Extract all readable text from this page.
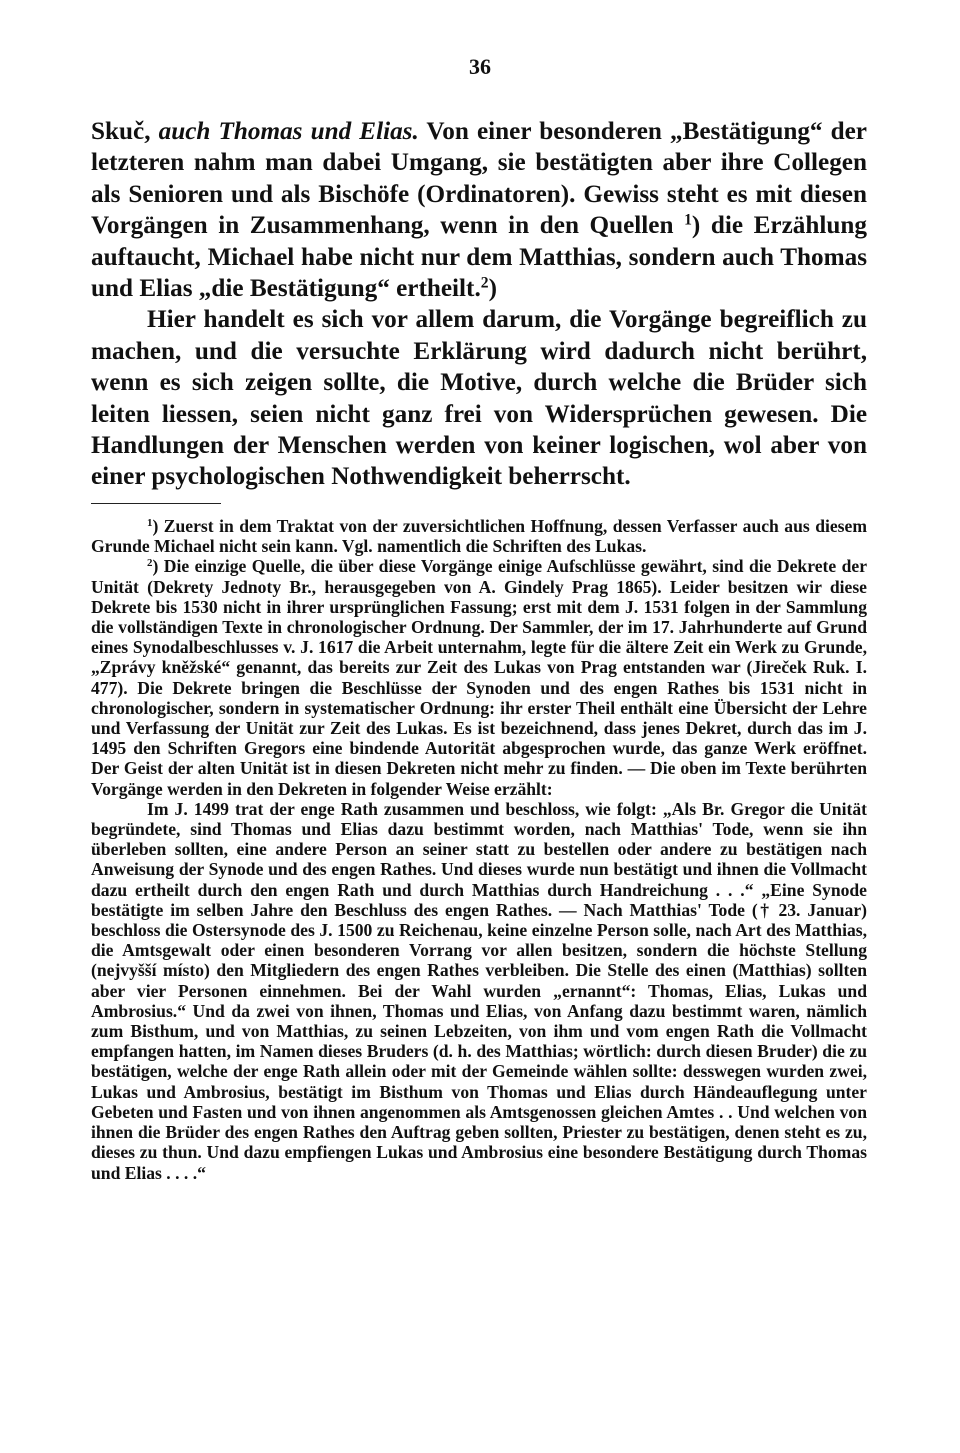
36

Skuč, auch Thomas und Elias. Von einer besonderen „Bestätigung“ der letzteren nahm man dabei Umgang, sie bestätigten aber ihre Collegen als Senioren und als Bischöfe (Ordinatoren). Gewiss steht es mit diesen Vorgängen in Zusammenhang, wenn in den Quellen $^1$) die Erzählung auftaucht, Michael habe nicht nur dem Matthias, sondern auch Thomas und Elias „die Bestätigung“ ertheilt.$^2$)

Hier handelt es sich vor allem darum, die Vorgänge begreiflich zu machen, und die versuchte Erklärung wird dadurch nicht berührt, wenn es sich zeigen sollte, die Motive, durch welche die Brüder sich leiten liessen, seien nicht ganz frei von Widersprüchen gewesen. Die Handlungen der Menschen werden von keiner logischen, wol aber von einer psychologischen Nothwendigkeit beherrscht.

$^1$) Zuerst in dem Traktat von der zuversichtlichen Hoffnung, dessen Verfasser auch aus diesem Grunde Michael nicht sein kann. Vgl. namentlich die Schriften des Lukas.

$^2$) Die einzige Quelle, die über diese Vorgänge einige Aufschlüsse gewährt, sind die Dekrete der Unität (Dekrety Jednoty Br., herausgegeben von A. Gindely Prag 1865). Leider besitzen wir diese Dekrete bis 1530 nicht in ihrer ursprünglichen Fassung; erst mit dem J. 1531 folgen in der Sammlung die vollständigen Texte in chronologischer Ordnung. Der Sammler, der im 17. Jahrhunderte auf Grund eines Synodalbeschlusses v. J. 1617 die Arbeit unternahm, legte für die ältere Zeit ein Werk zu Grunde, „Zprávy kněžské“ genannt, das bereits zur Zeit des Lukas von Prag entstanden war (Jireček Ruk. I. 477). Die Dekrete bringen die Beschlüsse der Synoden und des engen Rathes bis 1531 nicht in chronologischer, sondern in systematischer Ordnung: ihr erster Theil enthält eine Übersicht der Lehre und Verfassung der Unität zur Zeit des Lukas. Es ist bezeichnend, dass jenes Dekret, durch das im J. 1495 den Schriften Gregors eine bindende Autorität abgesprochen wurde, das ganze Werk eröffnet. Der Geist der alten Unität ist in diesen Dekreten nicht mehr zu finden. — Die oben im Texte berührten Vorgänge werden in den Dekreten in folgender Weise erzählt:

Im J. 1499 trat der enge Rath zusammen und beschloss, wie folgt: „Als Br. Gregor die Unität begründete, sind Thomas und Elias dazu bestimmt worden, nach Matthias' Tode, wenn sie ihn überleben sollten, eine andere Person an seiner statt zu bestellen oder andere zu bestätigen nach Anweisung der Synode und des engen Rathes. Und dieses wurde nun bestätigt und ihnen die Vollmacht dazu ertheilt durch den engen Rath und durch Matthias durch Handreichung . . .“ „Eine Synode bestätigte im selben Jahre den Beschluss des engen Rathes. — Nach Matthias' Tode († 23. Januar) beschloss die Ostersynode des J. 1500 zu Reichenau, keine einzelne Person solle, nach Art des Matthias, die Amtsgewalt oder einen besonderen Vorrang vor allen besitzen, sondern die höchste Stellung (nejvyšší místo) den Mitgliedern des engen Rathes verbleiben. Die Stelle des einen (Matthias) sollten aber vier Personen einnehmen. Bei der Wahl wurden „ernannt“: Thomas, Elias, Lukas und Ambrosius.“ Und da zwei von ihnen, Thomas und Elias, von Anfang dazu bestimmt waren, nämlich zum Bisthum, und von Matthias, zu seinen Lebzeiten, von ihm und vom engen Rath die Vollmacht empfangen hatten, im Namen dieses Bruders (d. h. des Matthias; wörtlich: durch diesen Bruder) die zu bestätigen, welche der enge Rath allein oder mit der Gemeinde wählen sollte: desswegen wurden zwei, Lukas und Ambrosius, bestätigt im Bisthum von Thomas und Elias durch Händeauflegung unter Gebeten und Fasten und von ihnen angenommen als Amtsgenossen gleichen Amtes . . Und welchen von ihnen die Brüder des engen Rathes den Auftrag geben sollten, Priester zu bestätigen, denen steht es zu, dieses zu thun. Und dazu empfiengen Lukas und Ambrosius eine besondere Bestätigung durch Thomas und Elias . . . .“
